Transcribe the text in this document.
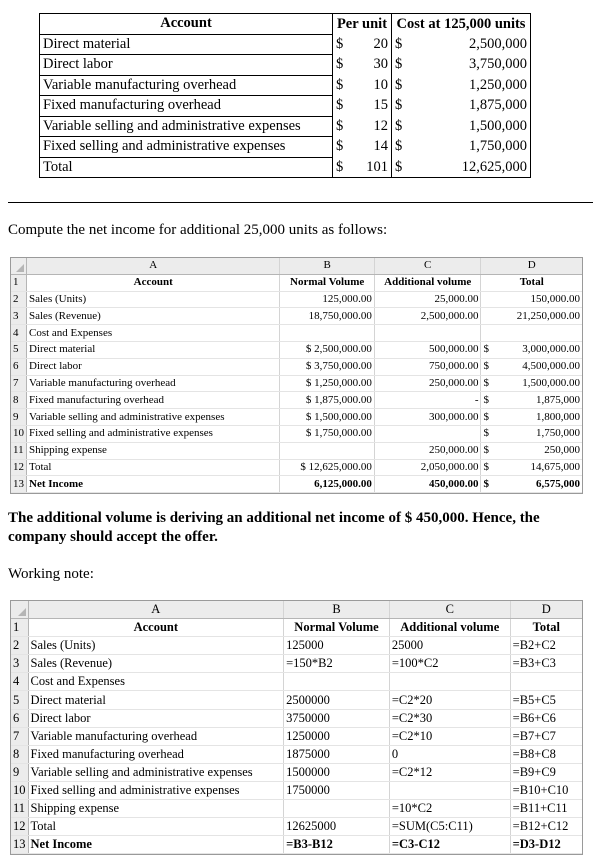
Account	Per unit		Cost at 125,000 units	
Direct material	$	20	$	2,500,000
Direct labor	$	30	$	3,750,000
Variable manufacturing overhead	$	10	$	1,250,000
Fixed manufacturing overhead	$	15	$	1,875,000
Variable selling and administrative expenses	$	12	$	1,500,000
Fixed selling and administrative expenses	$	14	$	1,750,000
Total	$	101	$	12,625,000
Compute the net income for additional 25,000 units as follows:
	A	B	C	D
1	Account	Normal Volume	Additional volume	Total
2	Sales (Units)	125,000.00	25,000.00	150,000.00
3	Sales (Revenue)	18,750,000.00	2,500,000.00	21,250,000.00
4	Cost and Expenses			
5	Direct material	$ 2,500,000.00	500,000.00	$ 3,000,000.00

6	Direct labor	$ 3,750,000.00	750,000.00	$ 4,500,000.00

7	Variable manufacturing overhead	$ 1,250,000.00	250,000.00	$ 1,500,000.00

8	Fixed manufacturing overhead	$ 1,875,000.00	-	$ 1,875,000

9	Variable selling and administrative expenses	$ 1,500,000.00	300,000.00	$ 1,800,000

10	Fixed selling and administrative expenses	$ 1,750,000.00		$ 1,750,000

11	Shipping expense		250,000.00	$ 250,000

12	Total	$ 12,625,000.00	2,050,000.00	$ 14,675,000

13	Net Income	6,125,000.00	450,000.00	$ 6,575,000
The additional volume is deriving an additional net income of $ 450,000. Hence, the company should accept the offer.
Working note:
	A	B	C	D
1	Account	Normal Volume	Additional volume	Total
2	Sales (Units)	125000	25000	=B2+C2
3	Sales (Revenue)	=150*B2	=100*C2	=B3+C3
4	Cost and Expenses			
5	Direct material	2500000	=C2*20	=B5+C5
6	Direct labor	3750000	=C2*30	=B6+C6
7	Variable manufacturing overhead	1250000	=C2*10	=B7+C7
8	Fixed manufacturing overhead	1875000	0	=B8+C8
9	Variable selling and administrative expenses	1500000	=C2*12	=B9+C9
10	Fixed selling and administrative expenses	1750000		=B10+C10
11	Shipping expense		=10*C2	=B11+C11
12	Total	12625000	=SUM(C5:C11)	=B12+C12
13	Net Income	=B3-B12	=C3-C12	=D3-D12
